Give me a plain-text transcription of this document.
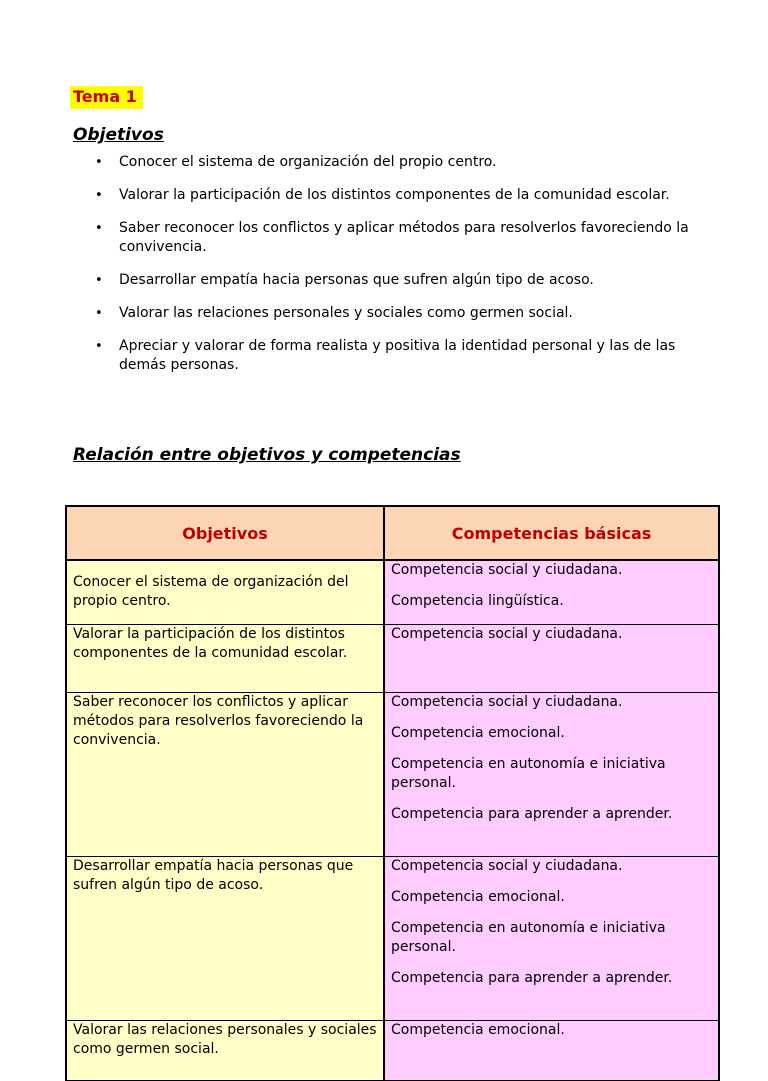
Tema 1
Objetivos
• Conocer el sistema de organización del propio centro.
• Valorar la participación de los distintos componentes de la comunidad escolar.
• Saber reconocer los conflictos y aplicar métodos para resolverlos favoreciendo la convivencia.
• Desarrollar empatía hacia personas que sufren algún tipo de acoso.
• Valorar las relaciones personales y sociales como germen social.
• Apreciar y valorar de forma realista y positiva la identidad personal y las de las demás personas.
Relación entre objetivos y competencias
Objetivos	Competencias básicas

Conocer el sistema de organización del propio centro.	Competencia social y ciudadana.
Competencia lingüística.

Valorar la participación de los distintos componentes de la comunidad escolar.	Competencia social y ciudadana.

Saber reconocer los conflictos y aplicar métodos para resolverlos favoreciendo la convivencia.	Competencia social y ciudadana.
Competencia emocional.
Competencia en autonomía e iniciativa personal.
Competencia para aprender a aprender.

Desarrollar empatía hacia personas que sufren algún tipo de acoso.	Competencia social y ciudadana.
Competencia emocional.
Competencia en autonomía e iniciativa personal.
Competencia para aprender a aprender.

Valorar las relaciones personales y sociales como germen social.	Competencia emocional.
